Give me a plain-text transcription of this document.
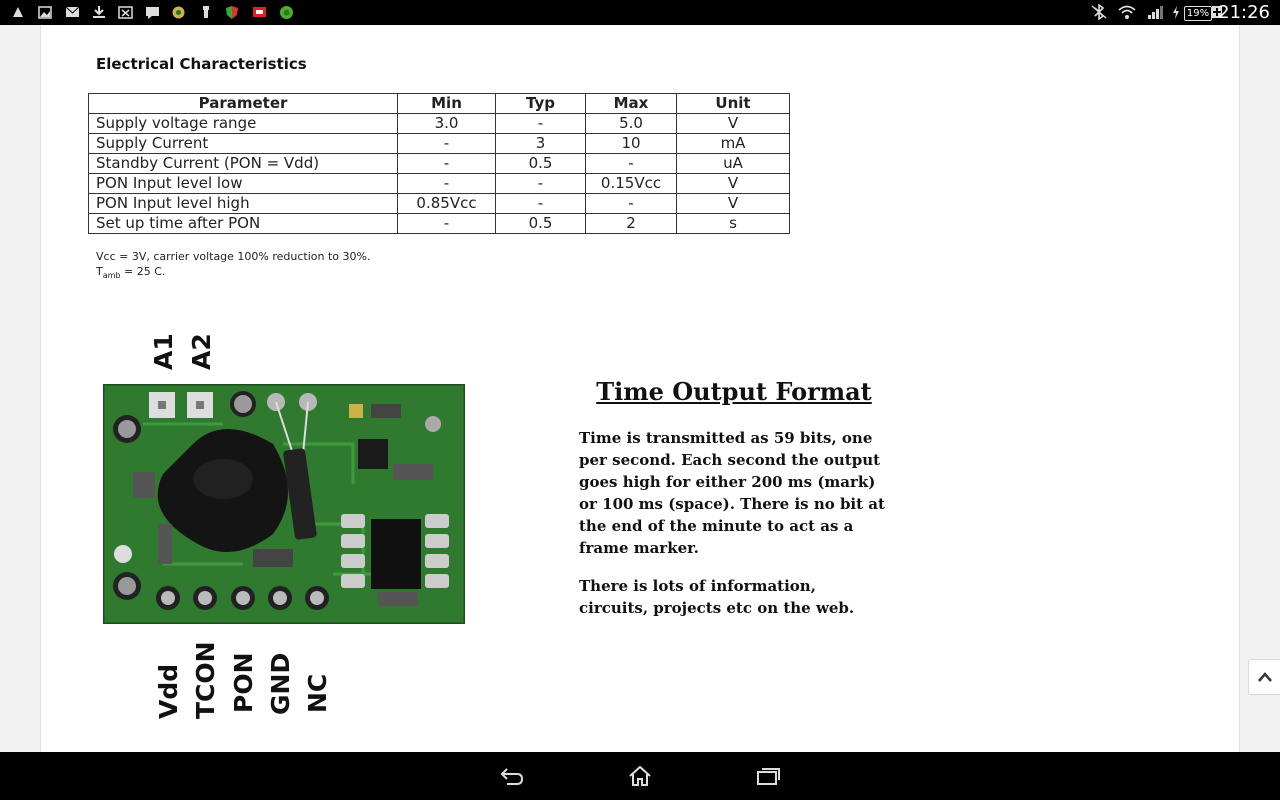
19% 21:26
Electrical Characteristics
Parameter	Min	Typ	Max	Unit
Supply voltage range	3.0	-	5.0	V
Supply Current	-	3	10	mA
Standby Current (PON = Vdd)	-	0.5	-	uA
PON Input level low	-	-	0.15Vcc	V
PON Input level high	0.85Vcc	-	-	V
Set up time after PON	-	0.5	2	s
Vcc = 3V, carrier voltage 100% reduction to 30%.
$T_{amb} = 25$ C.
A1 A2
Vdd TCON PON GND NC
Time Output Format
Time is transmitted as 59 bits, one per second. Each second the output goes high for either 200 ms (mark) or 100 ms (space). There is no bit at the end of the minute to act as a frame marker.
There is lots of information, circuits, projects etc on the web.
